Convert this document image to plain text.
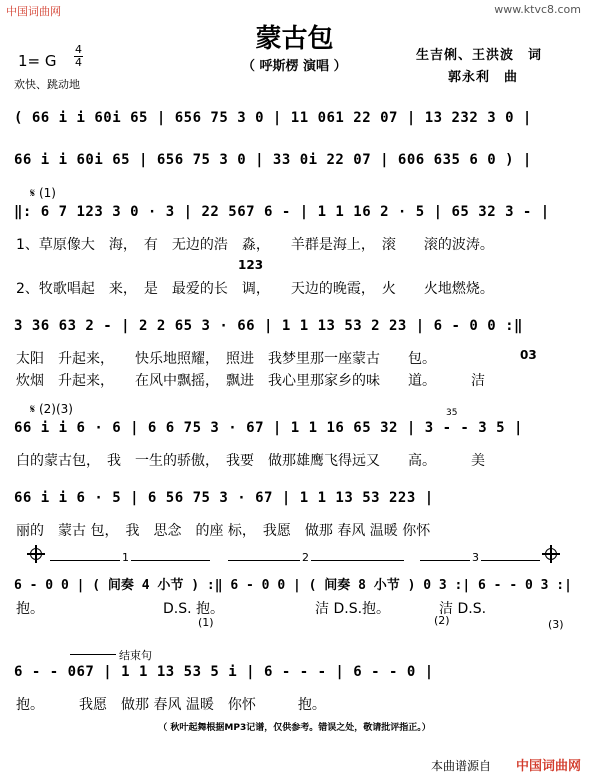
中国词曲网	www.ktvc8.com
蒙古包
1= G
4
4
欢快、跳动地
（ 呼斯楞 演唱 ）
生吉俐、王洪波　词
郭永利　曲
( 66 i i 60i 65 | 656 75 3 0 | 11 061 22 07 | 13 232 3 0 |
66 i i 60i 65 | 656 75 3 0 | 33 0i 22 07 | 606 635 6 0 ) |
𝄋 (1)
‖: 6 7 123 3 0 · 3 | 22 567 6 - | 1 1 16 2 · 5 | 65 32 3 - |
1、草原像大　海，　有　无边的浩　淼，　　羊群是海上，　滚　　滚的波涛。
123
2、牧歌唱起　来，　是　最爱的长　调，　　天边的晚霞，　火　　火地燃烧。
3 36 63 2 - | 2 2 65 3 · 66 | 1 1 13 53 2 23 | 6 - 0 0 :‖
太阳　升起来，　　快乐地照耀，　照进　我梦里那一座蒙古　　包。	03
炊烟　升起来，　　在风中飘摇，　飘进　我心里那家乡的味　　道。　　　洁
𝄋 (2)(3)	35
66 i i 6 · 6 | 6 6 75 3 · 67 | 1 1 16 65 32 | 3 - - 3 5 |
白的蒙古包，　我　一生的骄傲，　我要　做那雄鹰飞得远又　　高。　　　美
66 i i 6 · 5 | 6 56 75 3 · 67 | 1 1 13 53 223 |
丽的　蒙古 包，　我　思念　的座 标，　我愿　做那 春风 温暖 你怀
1	2	3
6 - 0 0 | ( 间奏 4 小节 ) :‖ 6 - 0 0 | ( 间奏 8 小节 ) 0 3 :| 6 - - 0 3 :|
抱。　　　　　　　　　D.S. 抱。　　　　　　　洁 D.S.抱。　　　　洁 D.S.
(1)	(2)	(3)
结束句
6 - - 067 | 1 1 13 53 5 i | 6 - - - | 6 - - 0 |
抱。　　　我愿　做那 春风 温暖　你怀　　　抱。
（ 秋叶起舞根据MP3记谱，仅供参考。错误之处，敬请批评指正。）
本曲谱源自 中国词曲网
